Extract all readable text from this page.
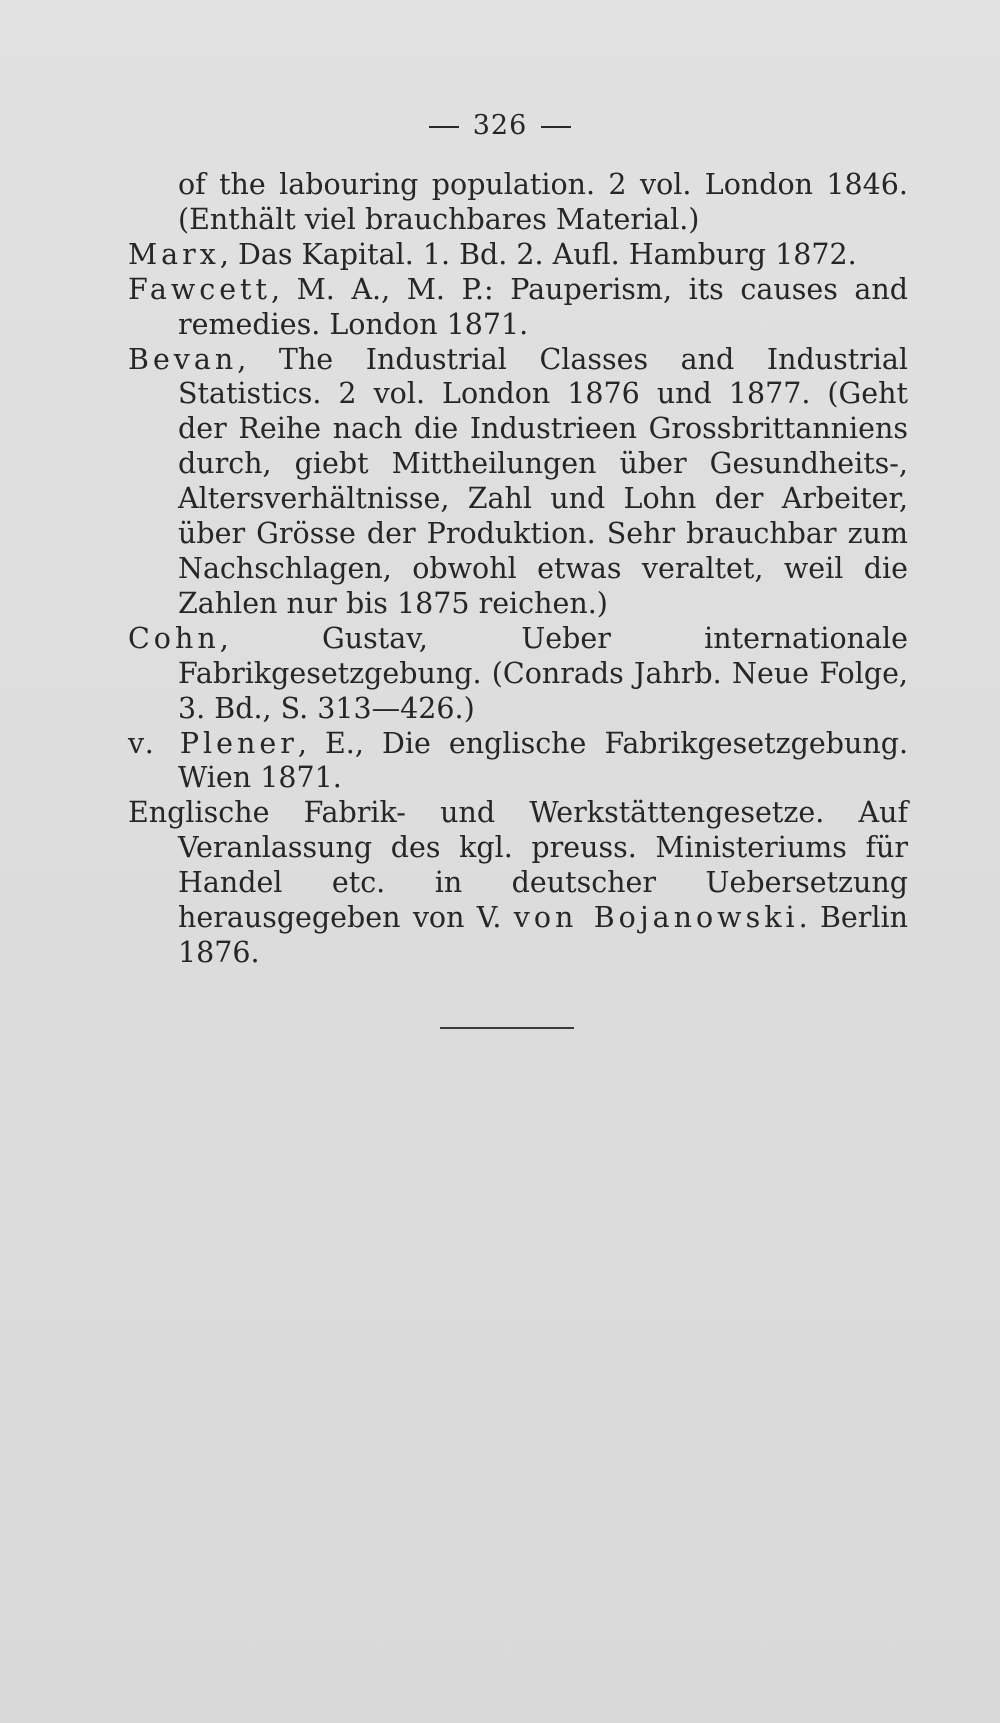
326

of the labouring population. 2 vol. London 1846. (Enthält viel brauchbares Material.)

Marx, Das Kapital. 1. Bd. 2. Aufl. Hamburg 1872.

Fawcett, M. A., M. P.: Pauperism, its causes and remedies. London 1871.

Bevan, The Industrial Classes and Industrial Statistics. 2 vol. London 1876 und 1877. (Geht der Reihe nach die Industrieen Grossbrittanniens durch, giebt Mittheilungen über Gesundheits-, Altersverhältnisse, Zahl und Lohn der Arbeiter, über Grösse der Produktion. Sehr brauchbar zum Nachschlagen, obwohl etwas veraltet, weil die Zahlen nur bis 1875 reichen.)

Cohn, Gustav, Ueber internationale Fabrikgesetzgebung. (Conrads Jahrb. Neue Folge, 3. Bd., S. 313—426.)

v. Plener, E., Die englische Fabrikgesetzgebung. Wien 1871.

Englische Fabrik- und Werkstättengesetze. Auf Veranlassung des kgl. preuss. Ministeriums für Handel etc. in deutscher Uebersetzung herausgegeben von V. von Bojanowski. Berlin 1876.
